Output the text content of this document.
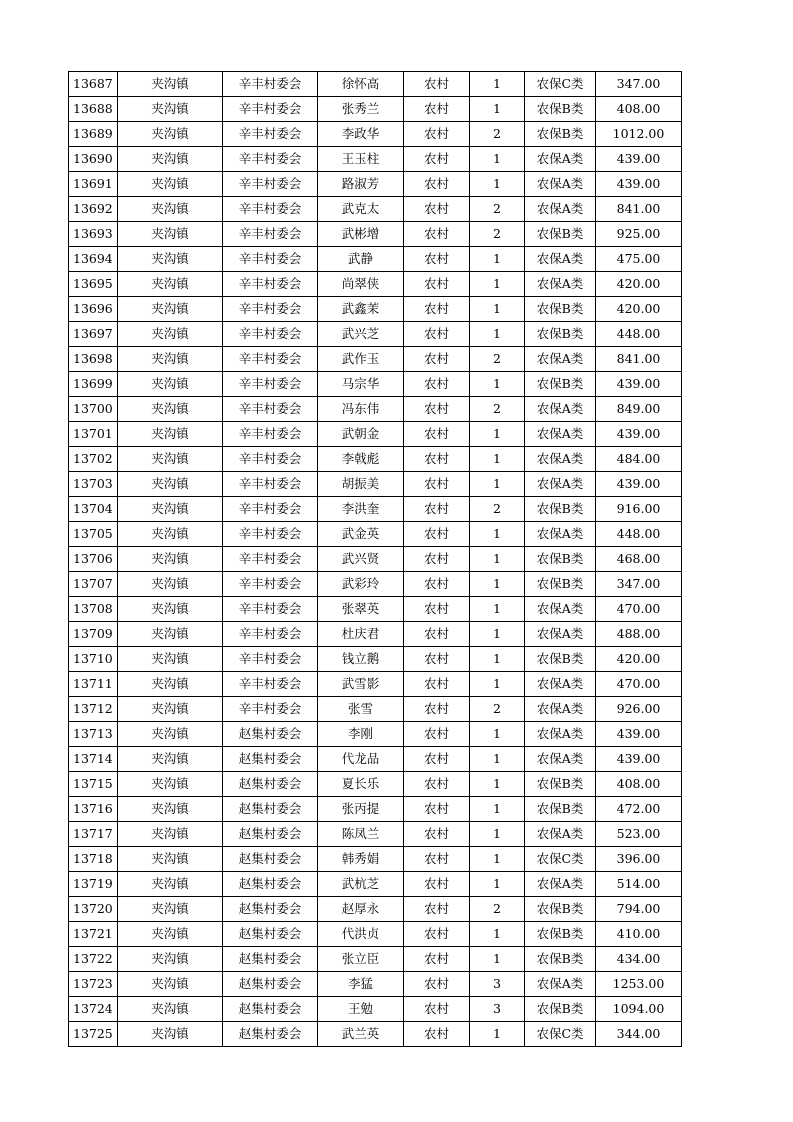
13687	夹沟镇	辛丰村委会	徐怀高	农村	1	农保C类	347.00
13688	夹沟镇	辛丰村委会	张秀兰	农村	1	农保B类	408.00
13689	夹沟镇	辛丰村委会	李政华	农村	2	农保B类	1012.00
13690	夹沟镇	辛丰村委会	王玉柱	农村	1	农保A类	439.00
13691	夹沟镇	辛丰村委会	路淑芳	农村	1	农保A类	439.00
13692	夹沟镇	辛丰村委会	武克太	农村	2	农保A类	841.00
13693	夹沟镇	辛丰村委会	武彬增	农村	2	农保B类	925.00
13694	夹沟镇	辛丰村委会	武静	农村	1	农保A类	475.00
13695	夹沟镇	辛丰村委会	尚翠侠	农村	1	农保A类	420.00
13696	夹沟镇	辛丰村委会	武鑫茉	农村	1	农保B类	420.00
13697	夹沟镇	辛丰村委会	武兴芝	农村	1	农保B类	448.00
13698	夹沟镇	辛丰村委会	武作玉	农村	2	农保A类	841.00
13699	夹沟镇	辛丰村委会	马宗华	农村	1	农保B类	439.00
13700	夹沟镇	辛丰村委会	冯东伟	农村	2	农保A类	849.00
13701	夹沟镇	辛丰村委会	武朝金	农村	1	农保A类	439.00
13702	夹沟镇	辛丰村委会	李戟彪	农村	1	农保A类	484.00
13703	夹沟镇	辛丰村委会	胡振美	农村	1	农保A类	439.00
13704	夹沟镇	辛丰村委会	李洪奎	农村	2	农保B类	916.00
13705	夹沟镇	辛丰村委会	武金英	农村	1	农保A类	448.00
13706	夹沟镇	辛丰村委会	武兴贤	农村	1	农保B类	468.00
13707	夹沟镇	辛丰村委会	武彩玲	农村	1	农保B类	347.00
13708	夹沟镇	辛丰村委会	张翠英	农村	1	农保A类	470.00
13709	夹沟镇	辛丰村委会	杜庆君	农村	1	农保A类	488.00
13710	夹沟镇	辛丰村委会	钱立鹅	农村	1	农保B类	420.00
13711	夹沟镇	辛丰村委会	武雪影	农村	1	农保A类	470.00
13712	夹沟镇	辛丰村委会	张雪	农村	2	农保A类	926.00
13713	夹沟镇	赵集村委会	李刚	农村	1	农保A类	439.00
13714	夹沟镇	赵集村委会	代龙品	农村	1	农保A类	439.00
13715	夹沟镇	赵集村委会	夏长乐	农村	1	农保B类	408.00
13716	夹沟镇	赵集村委会	张丙提	农村	1	农保B类	472.00
13717	夹沟镇	赵集村委会	陈凤兰	农村	1	农保A类	523.00
13718	夹沟镇	赵集村委会	韩秀娟	农村	1	农保C类	396.00
13719	夹沟镇	赵集村委会	武杭芝	农村	1	农保A类	514.00
13720	夹沟镇	赵集村委会	赵厚永	农村	2	农保B类	794.00
13721	夹沟镇	赵集村委会	代洪贞	农村	1	农保B类	410.00
13722	夹沟镇	赵集村委会	张立臣	农村	1	农保B类	434.00
13723	夹沟镇	赵集村委会	李猛	农村	3	农保A类	1253.00
13724	夹沟镇	赵集村委会	王勉	农村	3	农保B类	1094.00
13725	夹沟镇	赵集村委会	武兰英	农村	1	农保C类	344.00
